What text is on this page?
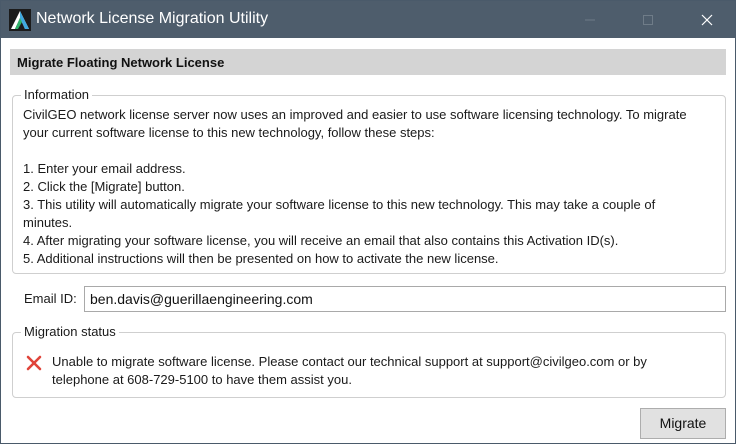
Network License Migration Utility
Migrate Floating Network License
Information
CivilGEO network license server now uses an improved and easier to use software licensing technology. To migrate
your current software license to this new technology, follow these steps:
1. Enter your email address.
2. Click the [Migrate] button.
3. This utility will automatically migrate your software license to this new technology. This may take a couple of
minutes.
4. After migrating your software license, you will receive an email that also contains this Activation ID(s).
5. Additional instructions will then be presented on how to activate the new license.
Email ID:
ben.davis@guerillaengineering.com
Migration status
Unable to migrate software license. Please contact our technical support at support@civilgeo.com or by
telephone at 608-729-5100 to have them assist you.
Migrate
